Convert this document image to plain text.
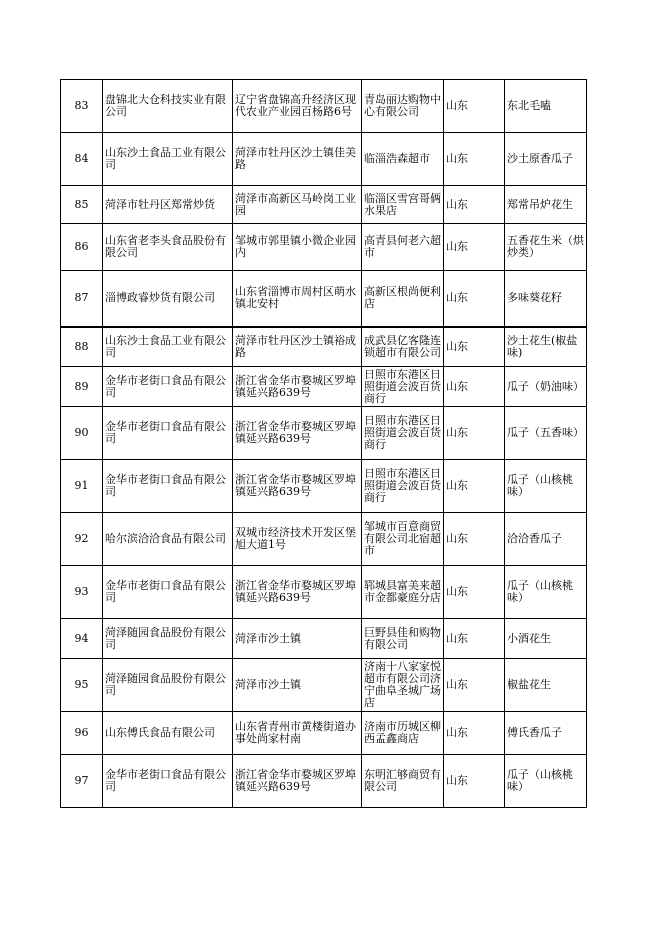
83	盘锦北大仓科技实业有限公司	辽宁省盘锦高升经济区现代农业产业园百杨路6号	青岛丽达购物中心有限公司	山东	东北毛嗑
84	山东沙土食品工业有限公司	菏泽市牡丹区沙土镇佳美路	临淄浩森超市	山东	沙土原香瓜子
85	菏泽市牡丹区郑常炒货	菏泽市高新区马岭岗工业园	临淄区雪宫哥俩水果店	山东	郑常吊炉花生
86	山东省老李头食品股份有限公司	邹城市郭里镇小微企业园内	高青县何老六超市	山东	五香花生米（烘炒类）
87	淄博政睿炒货有限公司	山东省淄博市周村区萌水镇北安村	高新区根尚便利店	山东	多味葵花籽
88	山东沙土食品工业有限公司	菏泽市牡丹区沙土镇裕成路	成武县亿客隆连锁超市有限公司	山东	沙土花生(椒盐味)
89	金华市老街口食品有限公司	浙江省金华市婺城区罗埠镇延兴路639号	日照市东港区日照街道会波百货商行	山东	瓜子（奶油味）
90	金华市老街口食品有限公司	浙江省金华市婺城区罗埠镇延兴路639号	日照市东港区日照街道会波百货商行	山东	瓜子（五香味）
91	金华市老街口食品有限公司	浙江省金华市婺城区罗埠镇延兴路639号	日照市东港区日照街道会波百货商行	山东	瓜子（山核桃味）
92	哈尔滨洽洽食品有限公司	双城市经济技术开发区堡旭大道1号	邹城市百意商贸有限公司北宿超市	山东	洽洽香瓜子
93	金华市老街口食品有限公司	浙江省金华市婺城区罗埠镇延兴路639号	郓城县富美来超市金都豪庭分店	山东	瓜子（山核桃味）
94	菏泽随园食品股份有限公司	菏泽市沙土镇	巨野县佳和购物有限公司	山东	小酒花生
95	菏泽随园食品股份有限公司	菏泽市沙土镇	济南十八家家悦超市有限公司济宁曲阜圣城广场店	山东	椒盐花生
96	山东傅氏食品有限公司	山东省青州市黄楼街道办事处尚家村南	济南市历城区柳西孟鑫商店	山东	傅氏香瓜子
97	金华市老街口食品有限公司	浙江省金华市婺城区罗埠镇延兴路639号	东明汇够商贸有限公司	山东	瓜子（山核桃味）
